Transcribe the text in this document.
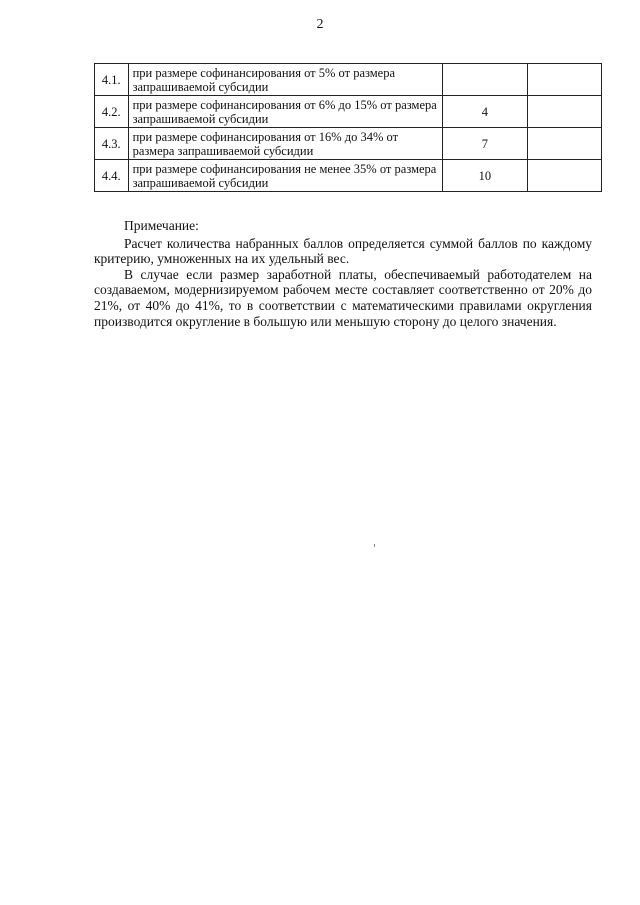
2
4.1.	при размере софинансирования от 5% от размера запрашиваемой субсидии		
4.2.	при размере софинансирования от 6% до 15% от размера запрашиваемой субсидии	4	
4.3.	при размере софинансирования от 16% до 34% от размера запрашиваемой субсидии	7	
4.4.	при размере софинансирования не менее 35% от размера запрашиваемой субсидии	10	

Примечание:

Расчет количества набранных баллов определяется суммой баллов по каждому критерию, умноженных на их удельный вес.

В случае если размер заработной платы, обеспечиваемый работодателем на создаваемом, модернизируемом рабочем месте составляет соответственно от 20% до 21%, от 40% до 41%, то в соответствии с математическими правилами округления производится округление в большую или меньшую сторону до целого значения.
